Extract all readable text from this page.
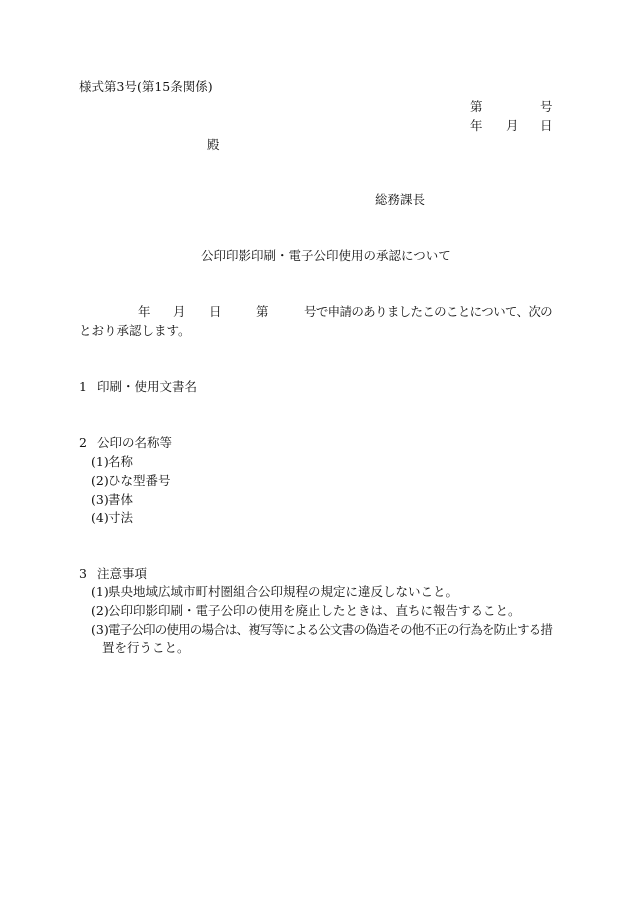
様式第3号(第15条関係)
第	号
年 月 日
殿
総務課長
公印印影印刷・電子公印使用の承認について
年 月 日	第	号で申請のありましたこのことについて、次の
とおり承認します。
1 印刷・使用文書名
2 公印の名称等
(1) 名称
(2) ひな型番号
(3) 書体
(4) 寸法
3 注意事項
(1) 県央地域広域市町村圏組合公印規程の規定に違反しないこと。
(2) 公印印影印刷・電子公印の使用を廃止したときは、直ちに報告すること。
(3) 電子公印の使用の場合は、複写等による公文書の偽造その他不正の行為を防止する措
置を行うこと。
